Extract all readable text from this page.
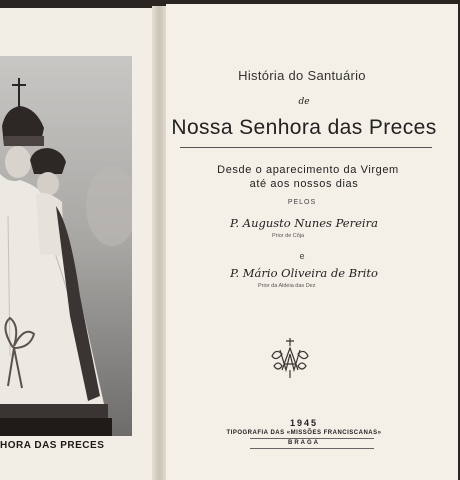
HORA DAS PRECES
História do Santuário
de
Nossa Senhora das Preces
Desde o aparecimento da Virgem
até aos nossos dias
PELOS
P. Augusto Nunes Pereira
Prior de Côja
e
P. Mário Oliveira de Brito
Prior da Aldeia das Dez
1945
TIPOGRAFIA DAS «MISSÕES FRANCISCANAS»
BRAGA
